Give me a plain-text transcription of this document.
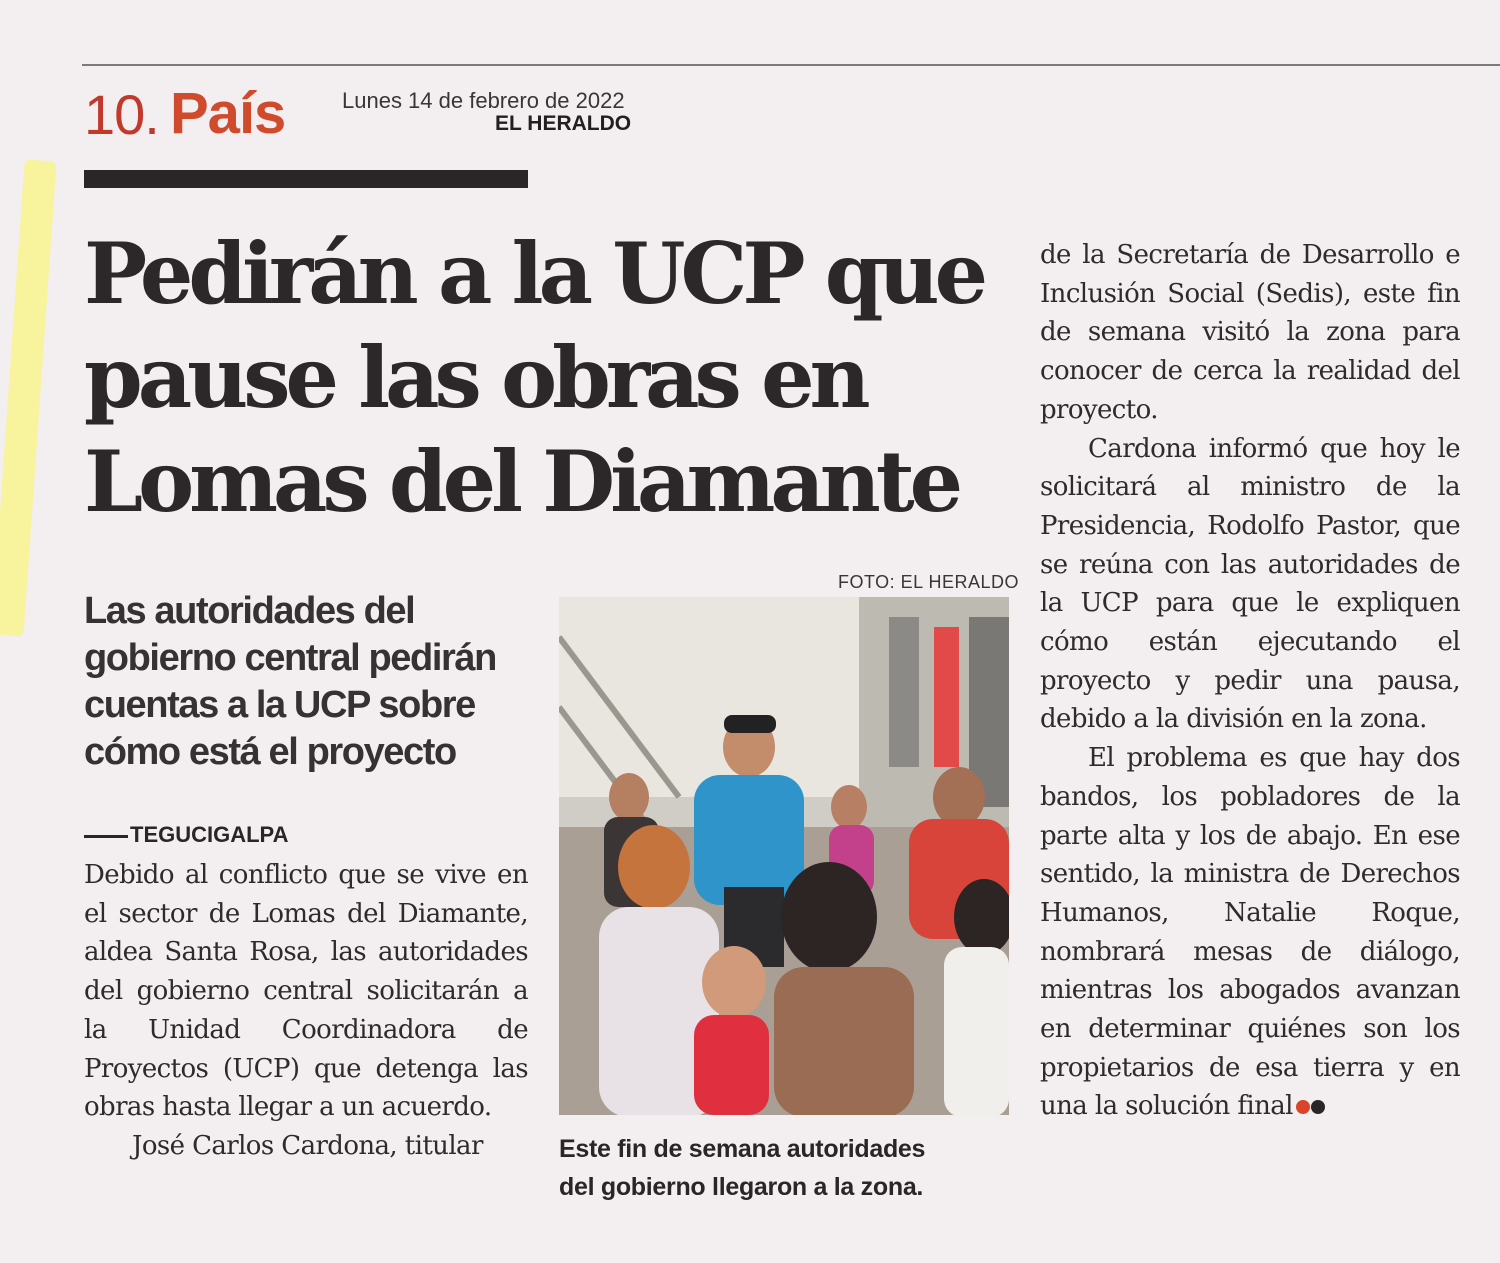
10. País	Lunes 14 de febrero de 2022
EL HERALDO
Pedirán a la UCP que
pause las obras en
Lomas del Diamante
Las autoridades del
gobierno central pedirán
cuentas a la UCP sobre
cómo está el proyecto
TEGUCIGALPA

Debido al conflicto que se vive en el sector de Lomas del Diamante, aldea Santa Rosa, las autoridades del gobierno central solicitarán a la Unidad Coordinadora de Proyectos (UCP) que detenga las obras hasta llegar a un acuerdo.

José Carlos Cardona, titular

FOTO: EL HERALDO

Este fin de semana autoridades
del gobierno llegaron a la zona.

de la Secretaría de Desarrollo e Inclusión Social (Sedis), este fin de semana visitó la zona para conocer de cerca la realidad del proyecto.

Cardona informó que hoy le solicitará al ministro de la Presidencia, Rodolfo Pastor, que se reúna con las autoridades de la UCP para que le expliquen cómo están ejecutando el proyecto y pedir una pausa, debido a la división en la zona.

El problema es que hay dos bandos, los pobladores de la parte alta y los de abajo. En ese sentido, la ministra de Derechos Humanos, Natalie Roque, nombrará mesas de diálogo, mientras los abogados avanzan en determinar quiénes son los propietarios de esa tierra y en una la solución final
